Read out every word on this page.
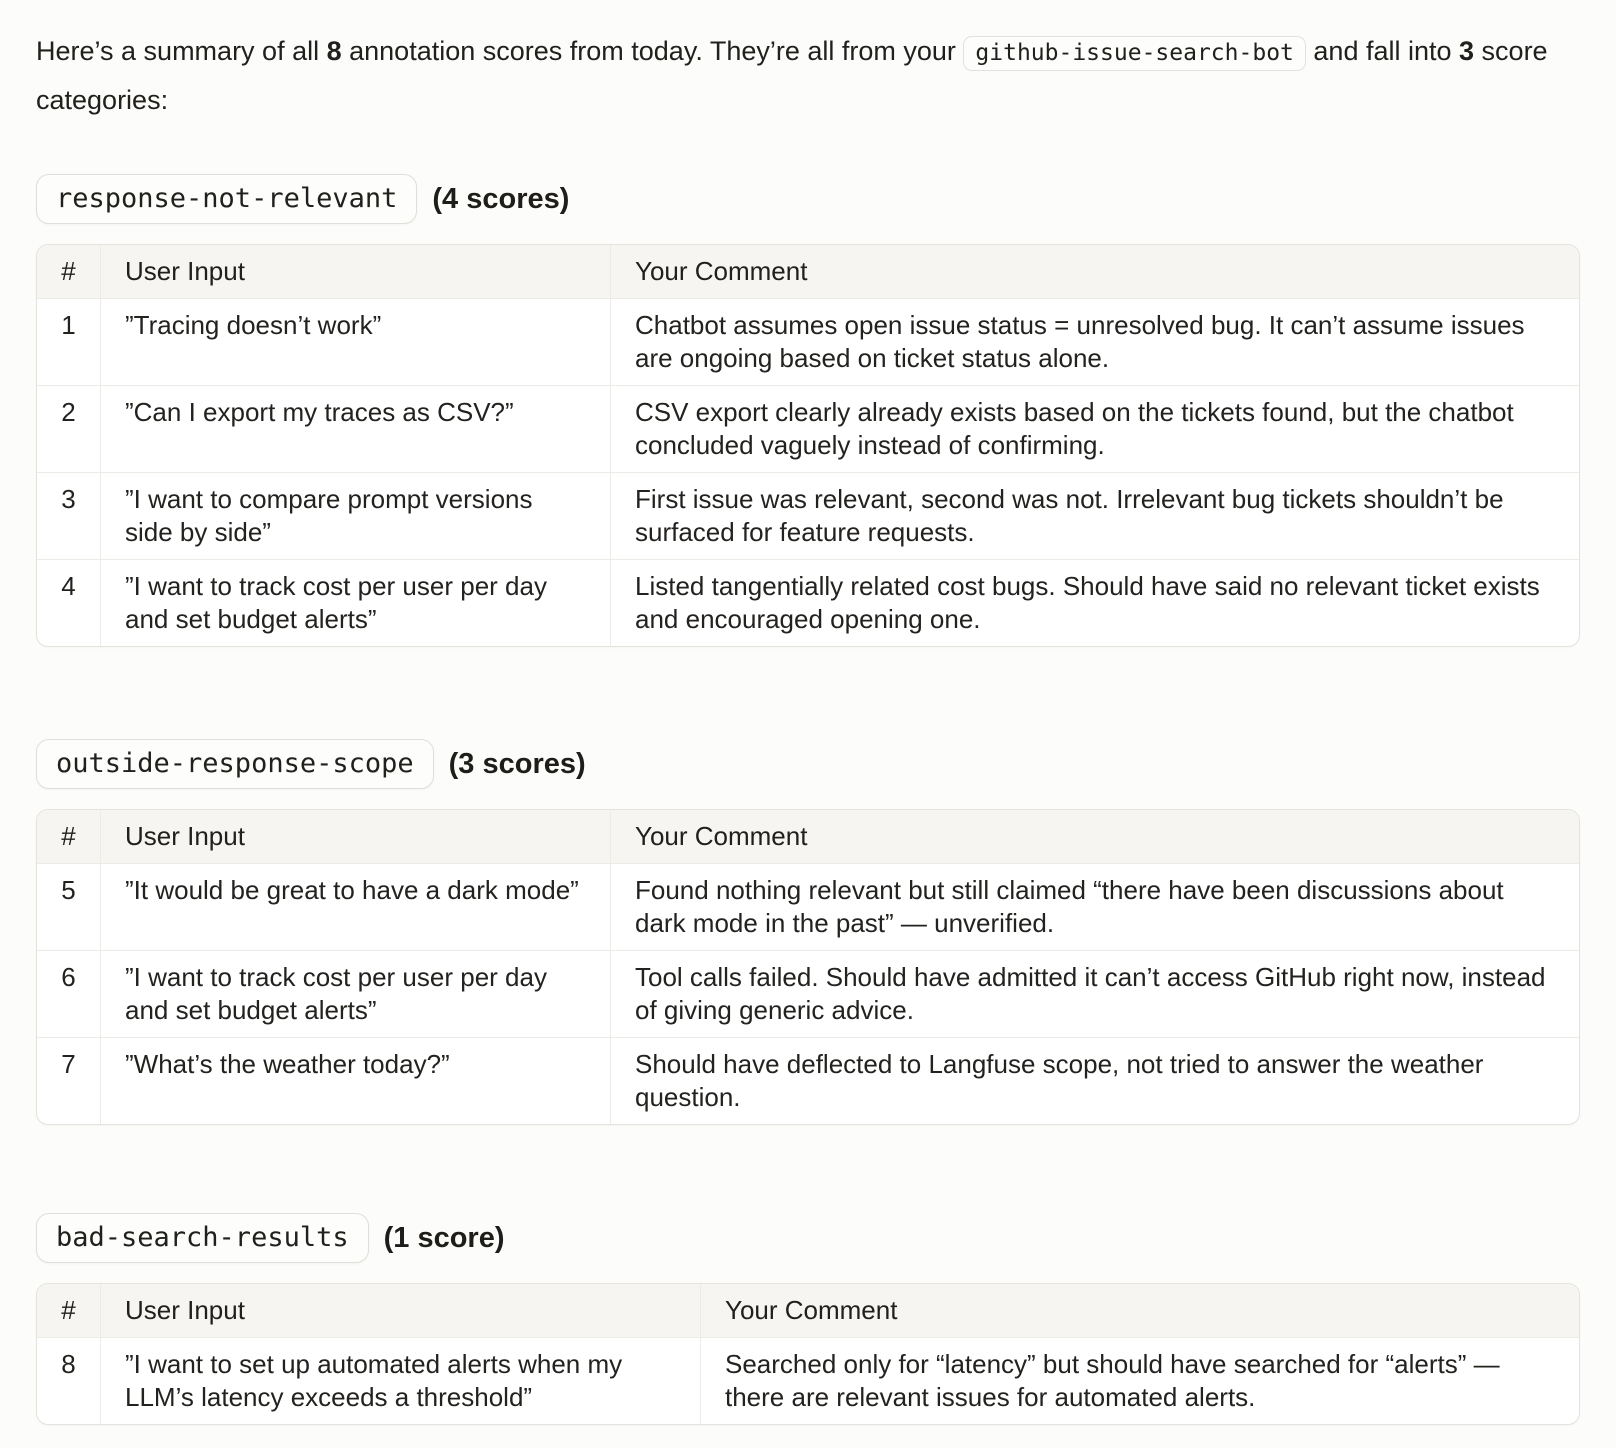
Here’s a summary of all 8 annotation scores from today. They’re all from your github-issue-search-bot and fall into 3 score categories:

response-not-relevant	(4 scores)
#	User Input	Your Comment
1	”Tracing doesn’t work”	Chatbot assumes open issue status = unresolved bug. It can’t assume issues are ongoing based on ticket status alone.
2	”Can I export my traces as CSV?”	CSV export clearly already exists based on the tickets found, but the chatbot concluded vaguely instead of confirming.
3	”I want to compare prompt versions side by side”	First issue was relevant, second was not. Irrelevant bug tickets shouldn’t be surfaced for feature requests.
4	”I want to track cost per user per day and set budget alerts”	Listed tangentially related cost bugs. Should have said no relevant ticket exists and encouraged opening one.
outside-response-scope	(3 scores)
#	User Input	Your Comment
5	”It would be great to have a dark mode”	Found nothing relevant but still claimed “there have been discussions about dark mode in the past” — unverified.
6	”I want to track cost per user per day and set budget alerts”	Tool calls failed. Should have admitted it can’t access GitHub right now, instead of giving generic advice.
7	”What’s the weather today?”	Should have deflected to Langfuse scope, not tried to answer the weather question.
bad-search-results	(1 score)
#	User Input	Your Comment
8	”I want to set up automated alerts when my LLM’s latency exceeds a threshold”	Searched only for “latency” but should have searched for “alerts” — there are relevant issues for automated alerts.
